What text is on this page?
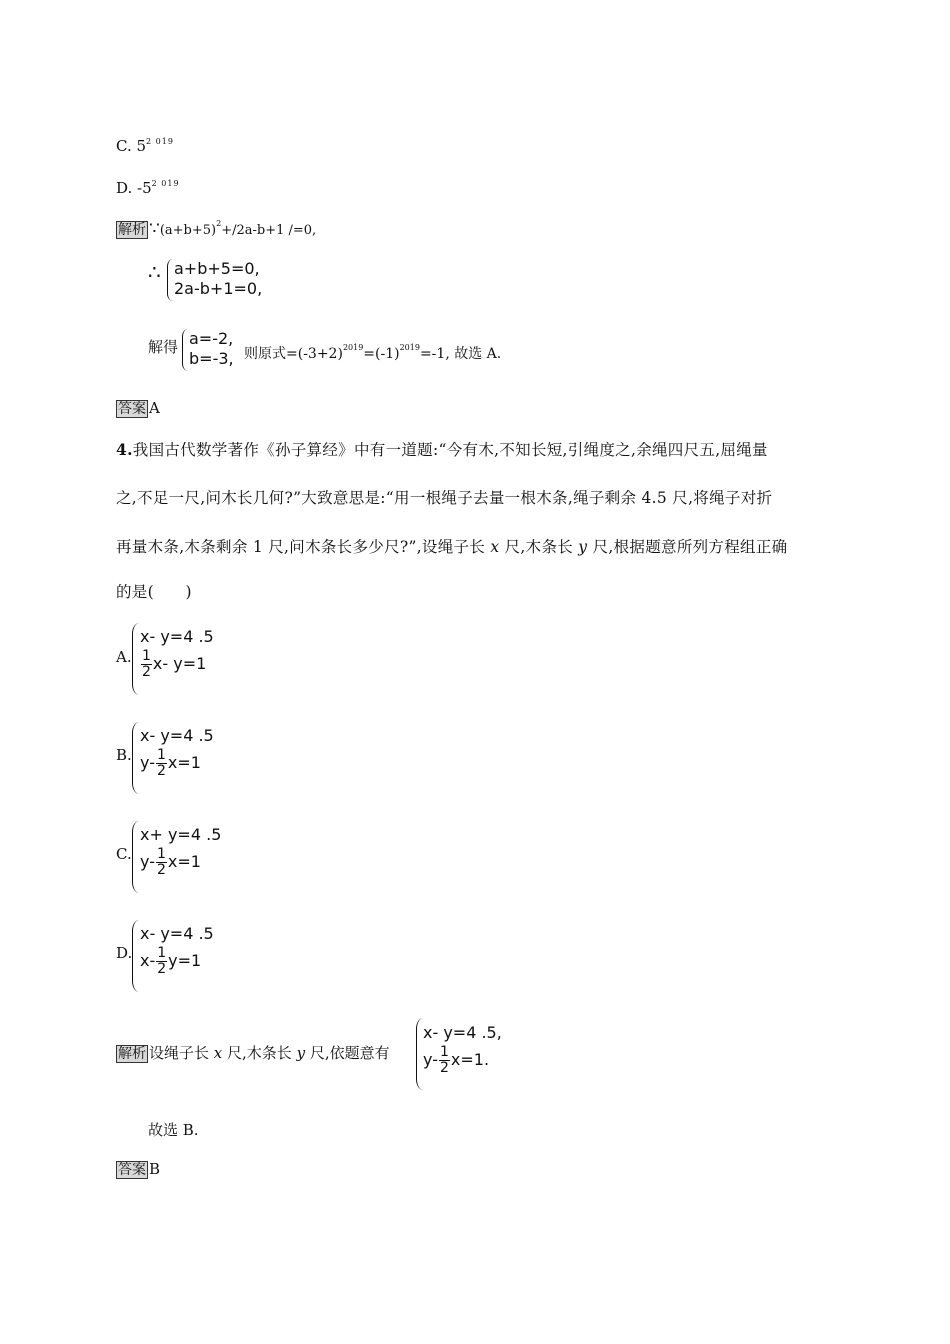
C. $5^{2 019}$
D. $-5^{2 019}$
解析 $\because(a+b+5)^2+/2a-b+1$ /=0,
∴ a+b+5=0,
2a-b+1=0,
解得 a=-2,
b=-3, 则原式$=(-3+2)^{2019}=(-1)^{2019}=-1$, 故选 A.
答案 A
4.我国古代数学著作《孙子算经》中有一道题:“今有木,不知长短,引绳度之,余绳四尺五,屈绳量
之,不足一尺,问木长几何?”大致意思是:“用一根绳子去量一根木条,绳子剩余 4.5 尺,将绳子对折
再量木条,木条剩余 1 尺,问木条长多少尺?”,设绳子长 x 尺,木条长 y 尺,根据题意所列方程组正确
的是(　　)
A.
x- y=4 .5
$\frac{1}{2} x-$ y=1
B.
x- y=4 .5
$y- \frac{1}{2} x=1$
C.
x+ y=4 .5
$y- \frac{1}{2} x=1$
D.
x- y=4 .5
$x- \frac{1}{2} y=1$
解析 设绳子长 x 尺,木条长 y 尺,依题意有
x- y=4 .5,
$y- \frac{1}{2} x=1$.
故选 B.
答案 B
